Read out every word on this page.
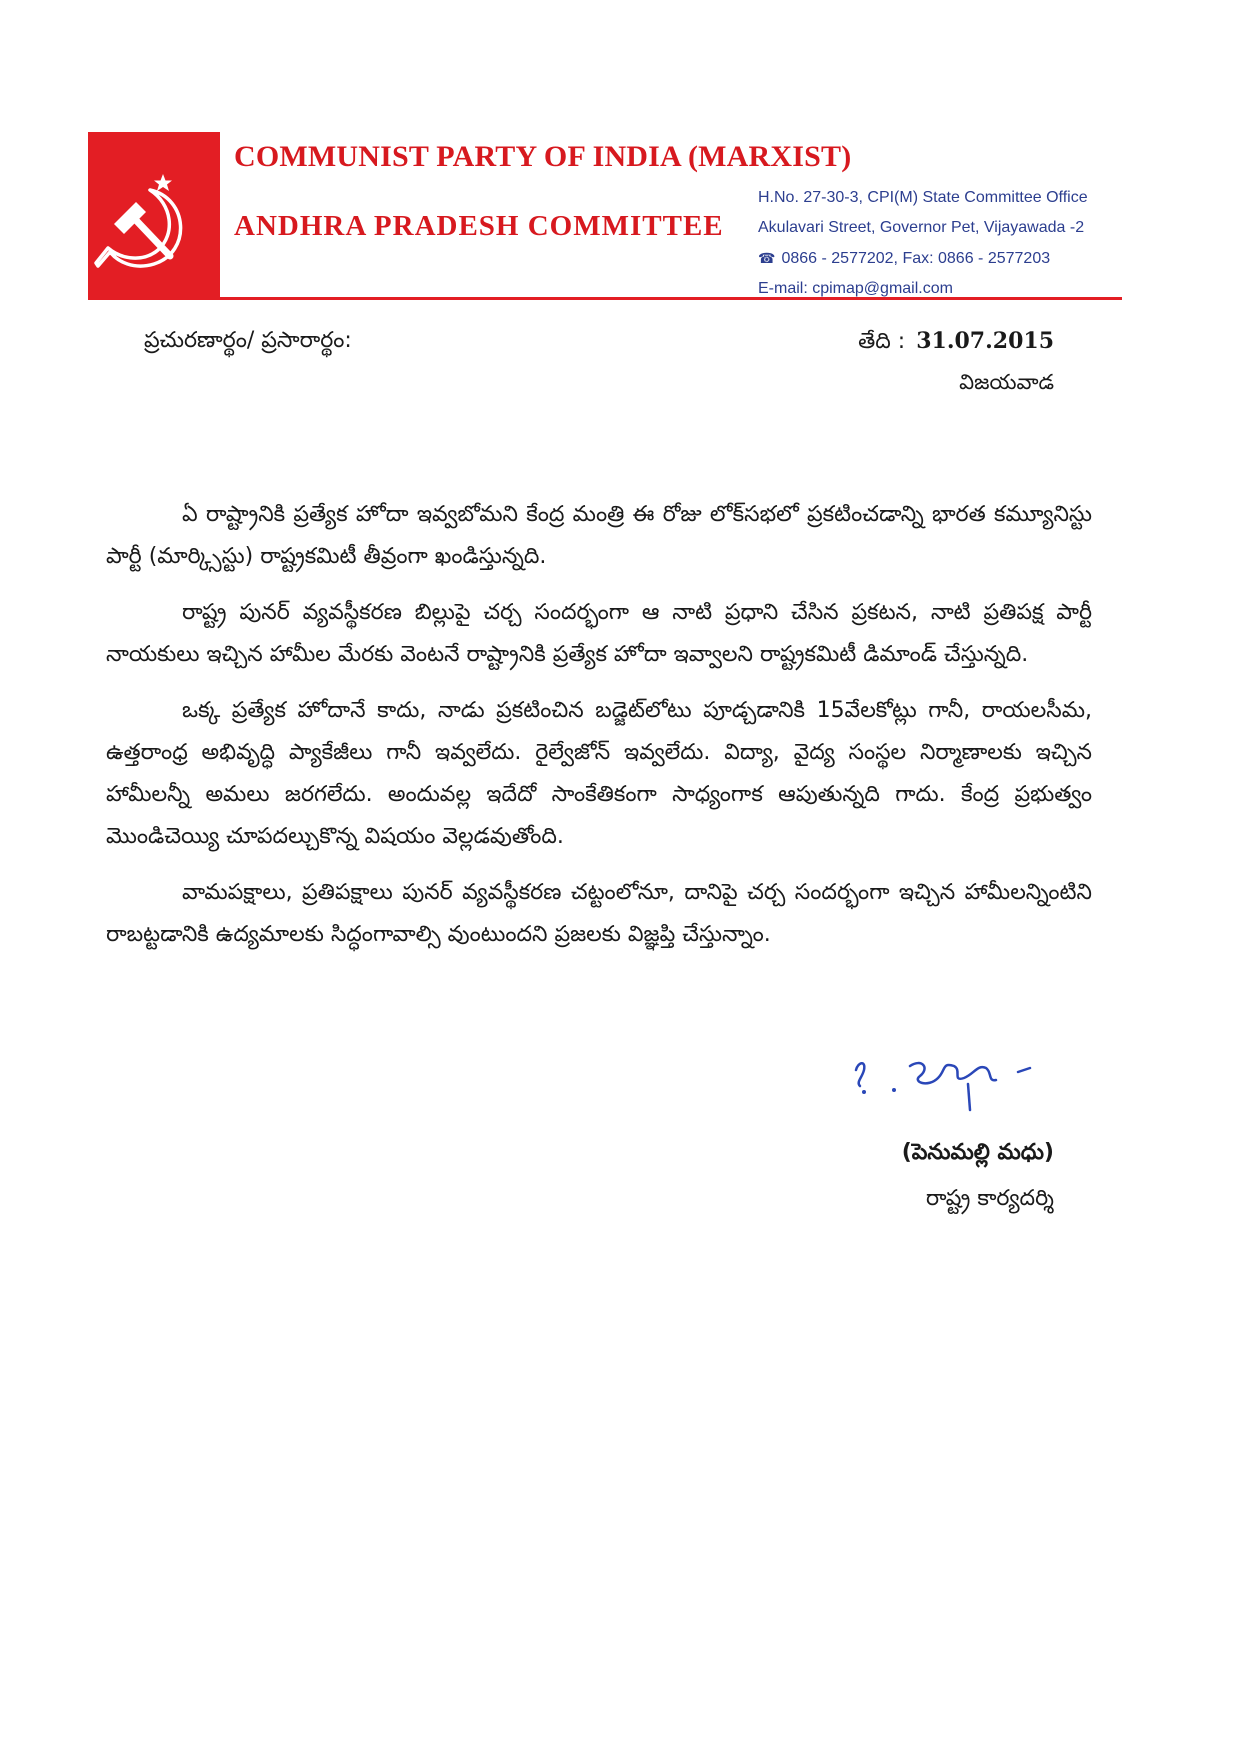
COMMUNIST PARTY OF INDIA (MARXIST)
ANDHRA PRADESH COMMITTEE
H.No. 27-30-3, CPI(M) State Committee Office
Akulavari Street, Governor Pet, Vijayawada -2
☎ 0866 - 2577202, Fax: 0866 - 2577203
E-mail: cpimap@gmail.com
ప్రచురణార్థం/ ప్రసారార్థం:	తేది : 31.07.2015
విజయవాడ

ఏ రాష్ట్రానికి ప్రత్యేక హోదా ఇవ్వబోమని కేంద్ర మంత్రి ఈ రోజు లోక్‌సభలో ప్రకటించడాన్ని భారత కమ్యూనిస్టు పార్టీ (మార్క్సిస్టు) రాష్ట్రకమిటీ తీవ్రంగా ఖండిస్తున్నది.

రాష్ట్ర పునర్ వ్యవస్థీకరణ బిల్లుపై చర్చ సందర్భంగా ఆ నాటి ప్రధాని చేసిన ప్రకటన, నాటి ప్రతిపక్ష పార్టీ నాయకులు ఇచ్చిన హామీల మేరకు వెంటనే రాష్ట్రానికి ప్రత్యేక హోదా ఇవ్వాలని రాష్ట్రకమిటీ డిమాండ్ చేస్తున్నది.

ఒక్క ప్రత్యేక హోదానే కాదు, నాడు ప్రకటించిన బడ్జెట్‌లోటు పూడ్చడానికి 15వేలకోట్లు గానీ, రాయలసీమ, ఉత్తరాంధ్ర అభివృద్ధి ప్యాకేజీలు గానీ ఇవ్వలేదు. రైల్వేజోన్ ఇవ్వలేదు. విద్యా, వైద్య సంస్థల నిర్మాణాలకు ఇచ్చిన హామీలన్నీ అమలు జరగలేదు. అందువల్ల ఇదేదో సాంకేతికంగా సాధ్యంగాక ఆపుతున్నది గాదు. కేంద్ర ప్రభుత్వం మొండిచెయ్యి చూపదల్చుకొన్న విషయం వెల్లడవుతోంది.

వామపక్షాలు, ప్రతిపక్షాలు పునర్ వ్యవస్థీకరణ చట్టంలోనూ, దానిపై చర్చ సందర్భంగా ఇచ్చిన హామీలన్నింటిని రాబట్టడానికి ఉద్యమాలకు సిద్ధంగావాల్సి వుంటుందని ప్రజలకు విజ్ఞప్తి చేస్తున్నాం.

(పెనుమల్లి మధు)
రాష్ట్ర కార్యదర్శి
